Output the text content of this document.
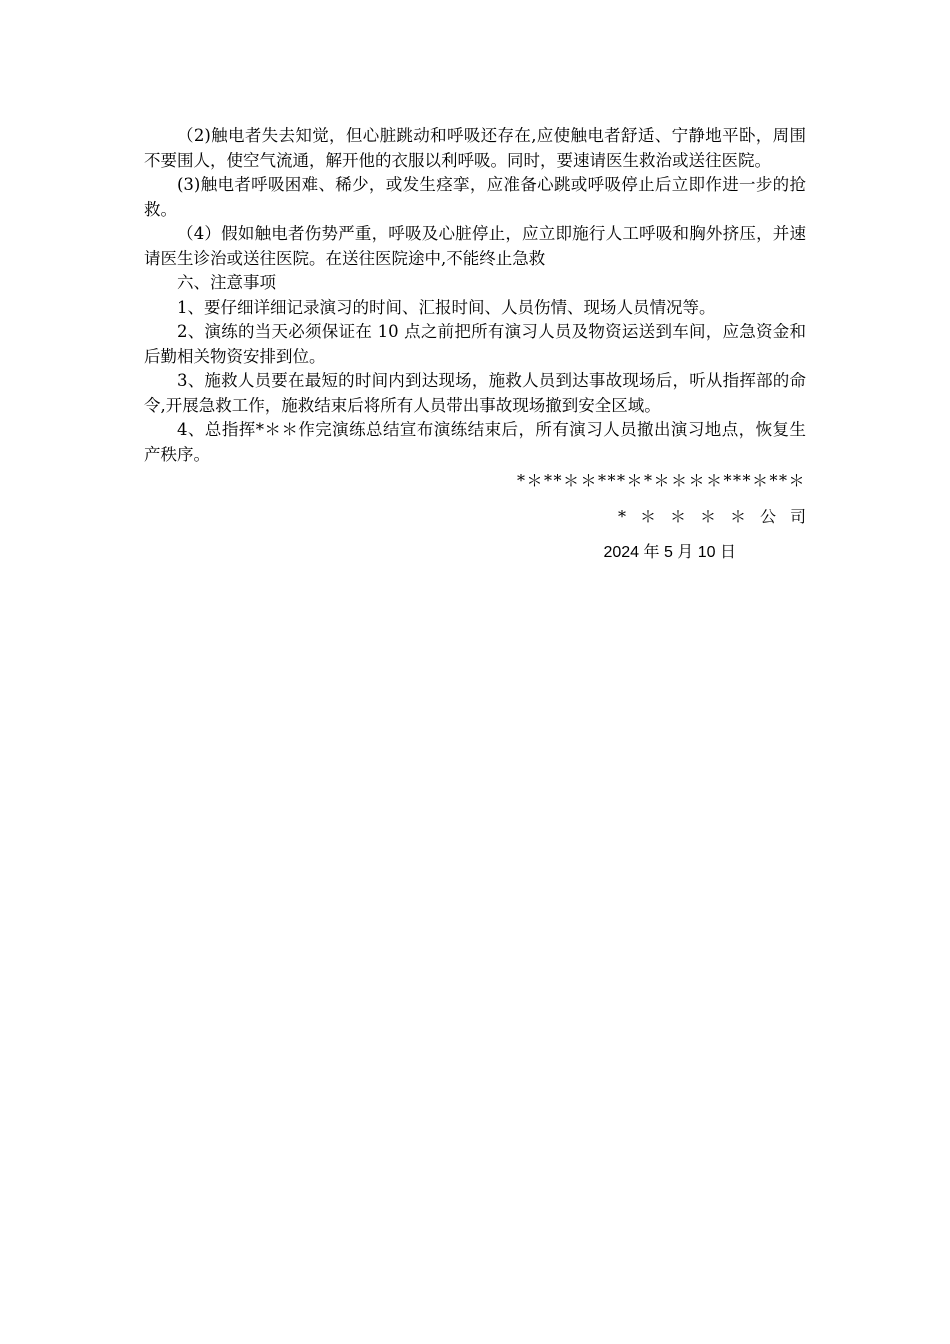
（2)触电者失去知觉，但心脏跳动和呼吸还存在,应使触电者舒适、宁静地平卧，周围不要围人，使空气流通，解开他的衣服以利呼吸。同时，要速请医生救治或送往医院。

(3)触电者呼吸困难、稀少，或发生痉挛，应准备心跳或呼吸停止后立即作进一步的抢救。

（4）假如触电者伤势严重，呼吸及心脏停止，应立即施行人工呼吸和胸外挤压，并速请医生诊治或送往医院。在送往医院途中,不能终止急救

六、注意事项

1、要仔细详细记录演习的时间、汇报时间、人员伤情、现场人员情况等。

2、演练的当天必须保证在 10 点之前把所有演习人员及物资运送到车间，应急资金和后勤相关物资安排到位。

3、施救人员要在最短的时间内到达现场，施救人员到达事故现场后，听从指挥部的命令,开展急救工作，施救结束后将所有人员带出事故现场撤到安全区域。

4、总指挥*＊＊作完演练总结宣布演练结束后，所有演习人员撤出演习地点，恢复生产秩序。

*＊**＊＊***＊*＊＊＊＊***＊**＊
*＊＊＊＊公司
2024 年 5 月 10 日
